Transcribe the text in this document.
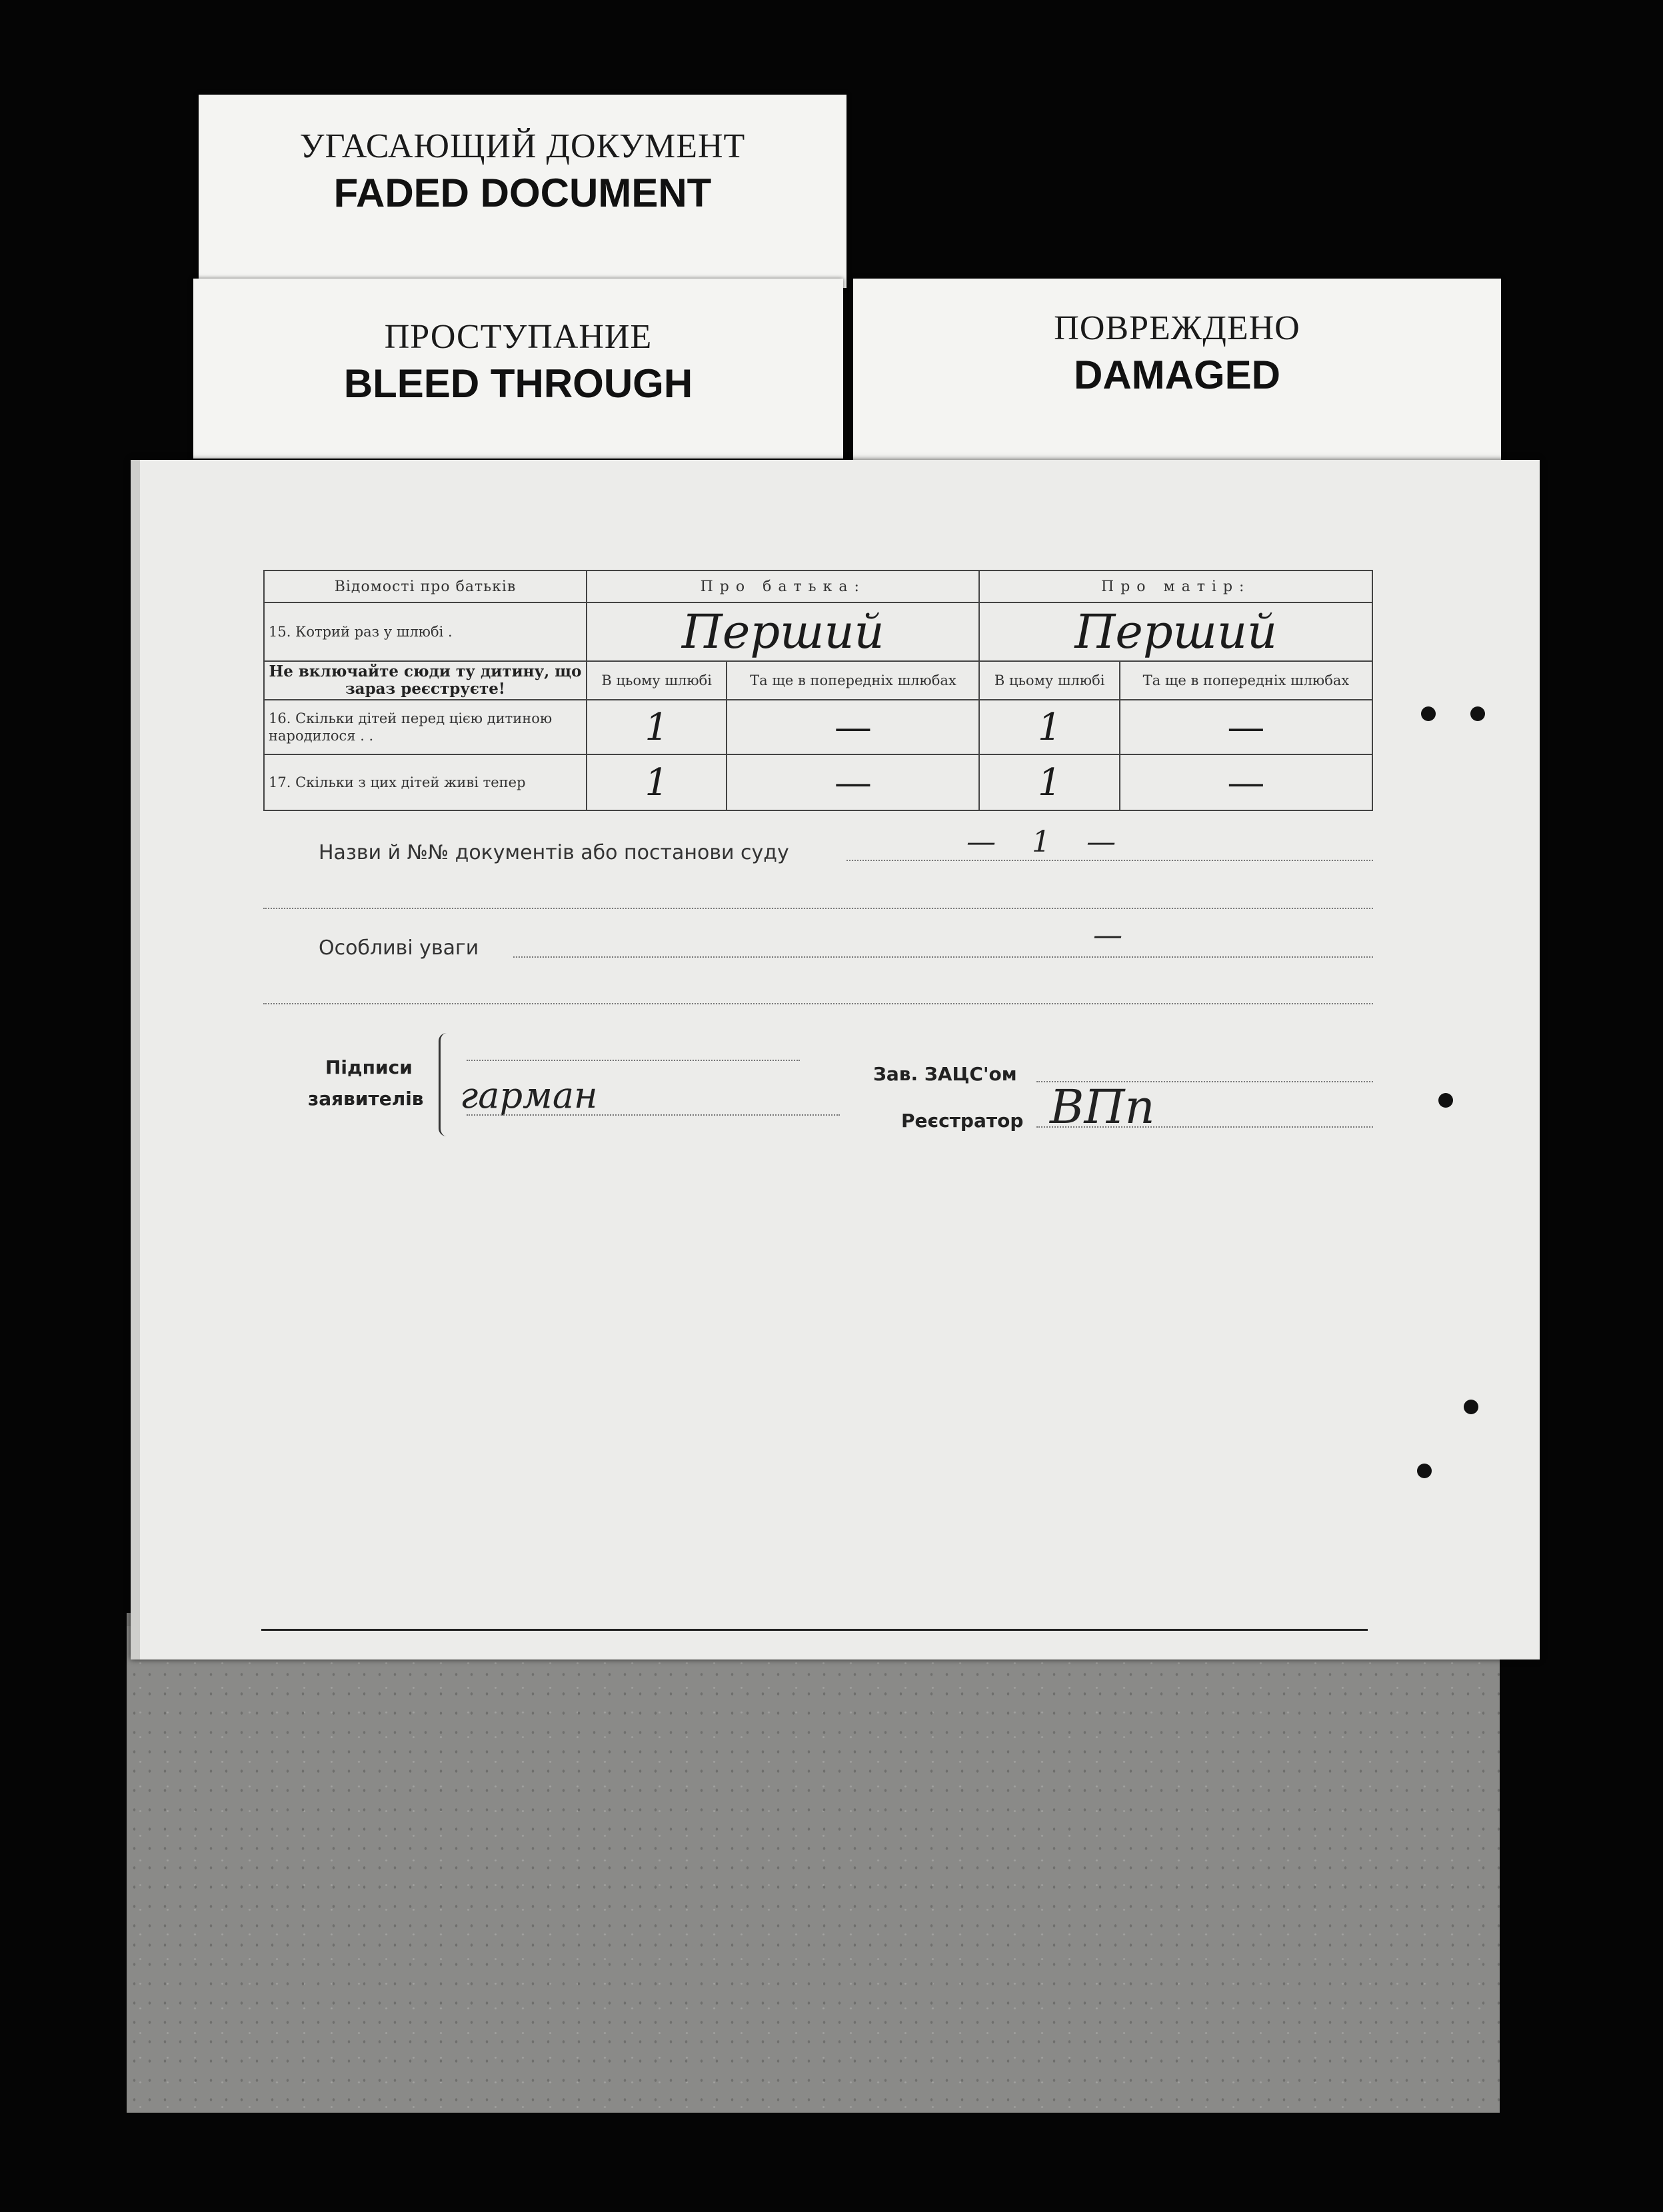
УГАСАЮЩИЙ ДОКУМЕНТ
FADED DOCUMENT
ПРОСТУПАНИЕ
BLEED THROUGH
ПОВРЕЖДЕНО
DAMAGED
Відомості про батьків	Про батька:		Про матір:	
15. Котрий раз у шлюбі .	Перший		Перший	
Не включайте сюди ту дитину, що зараз реєструєте!	В цьому шлюбі	Та ще в попередніх шлюбах	В цьому шлюбі	Та ще в попередніх шлюбах
16. Скільки дітей перед цією дитиною народилося . .	1	—	1	—
17. Скільки з цих дітей живі тепер	1	—	1	—
Назви й №№ документів або постанови суду	— 1 —
Особливі уваги	—
Підписи
заявителів гарман
Зав. ЗАЦС'ом
Реєстратор ВПп
